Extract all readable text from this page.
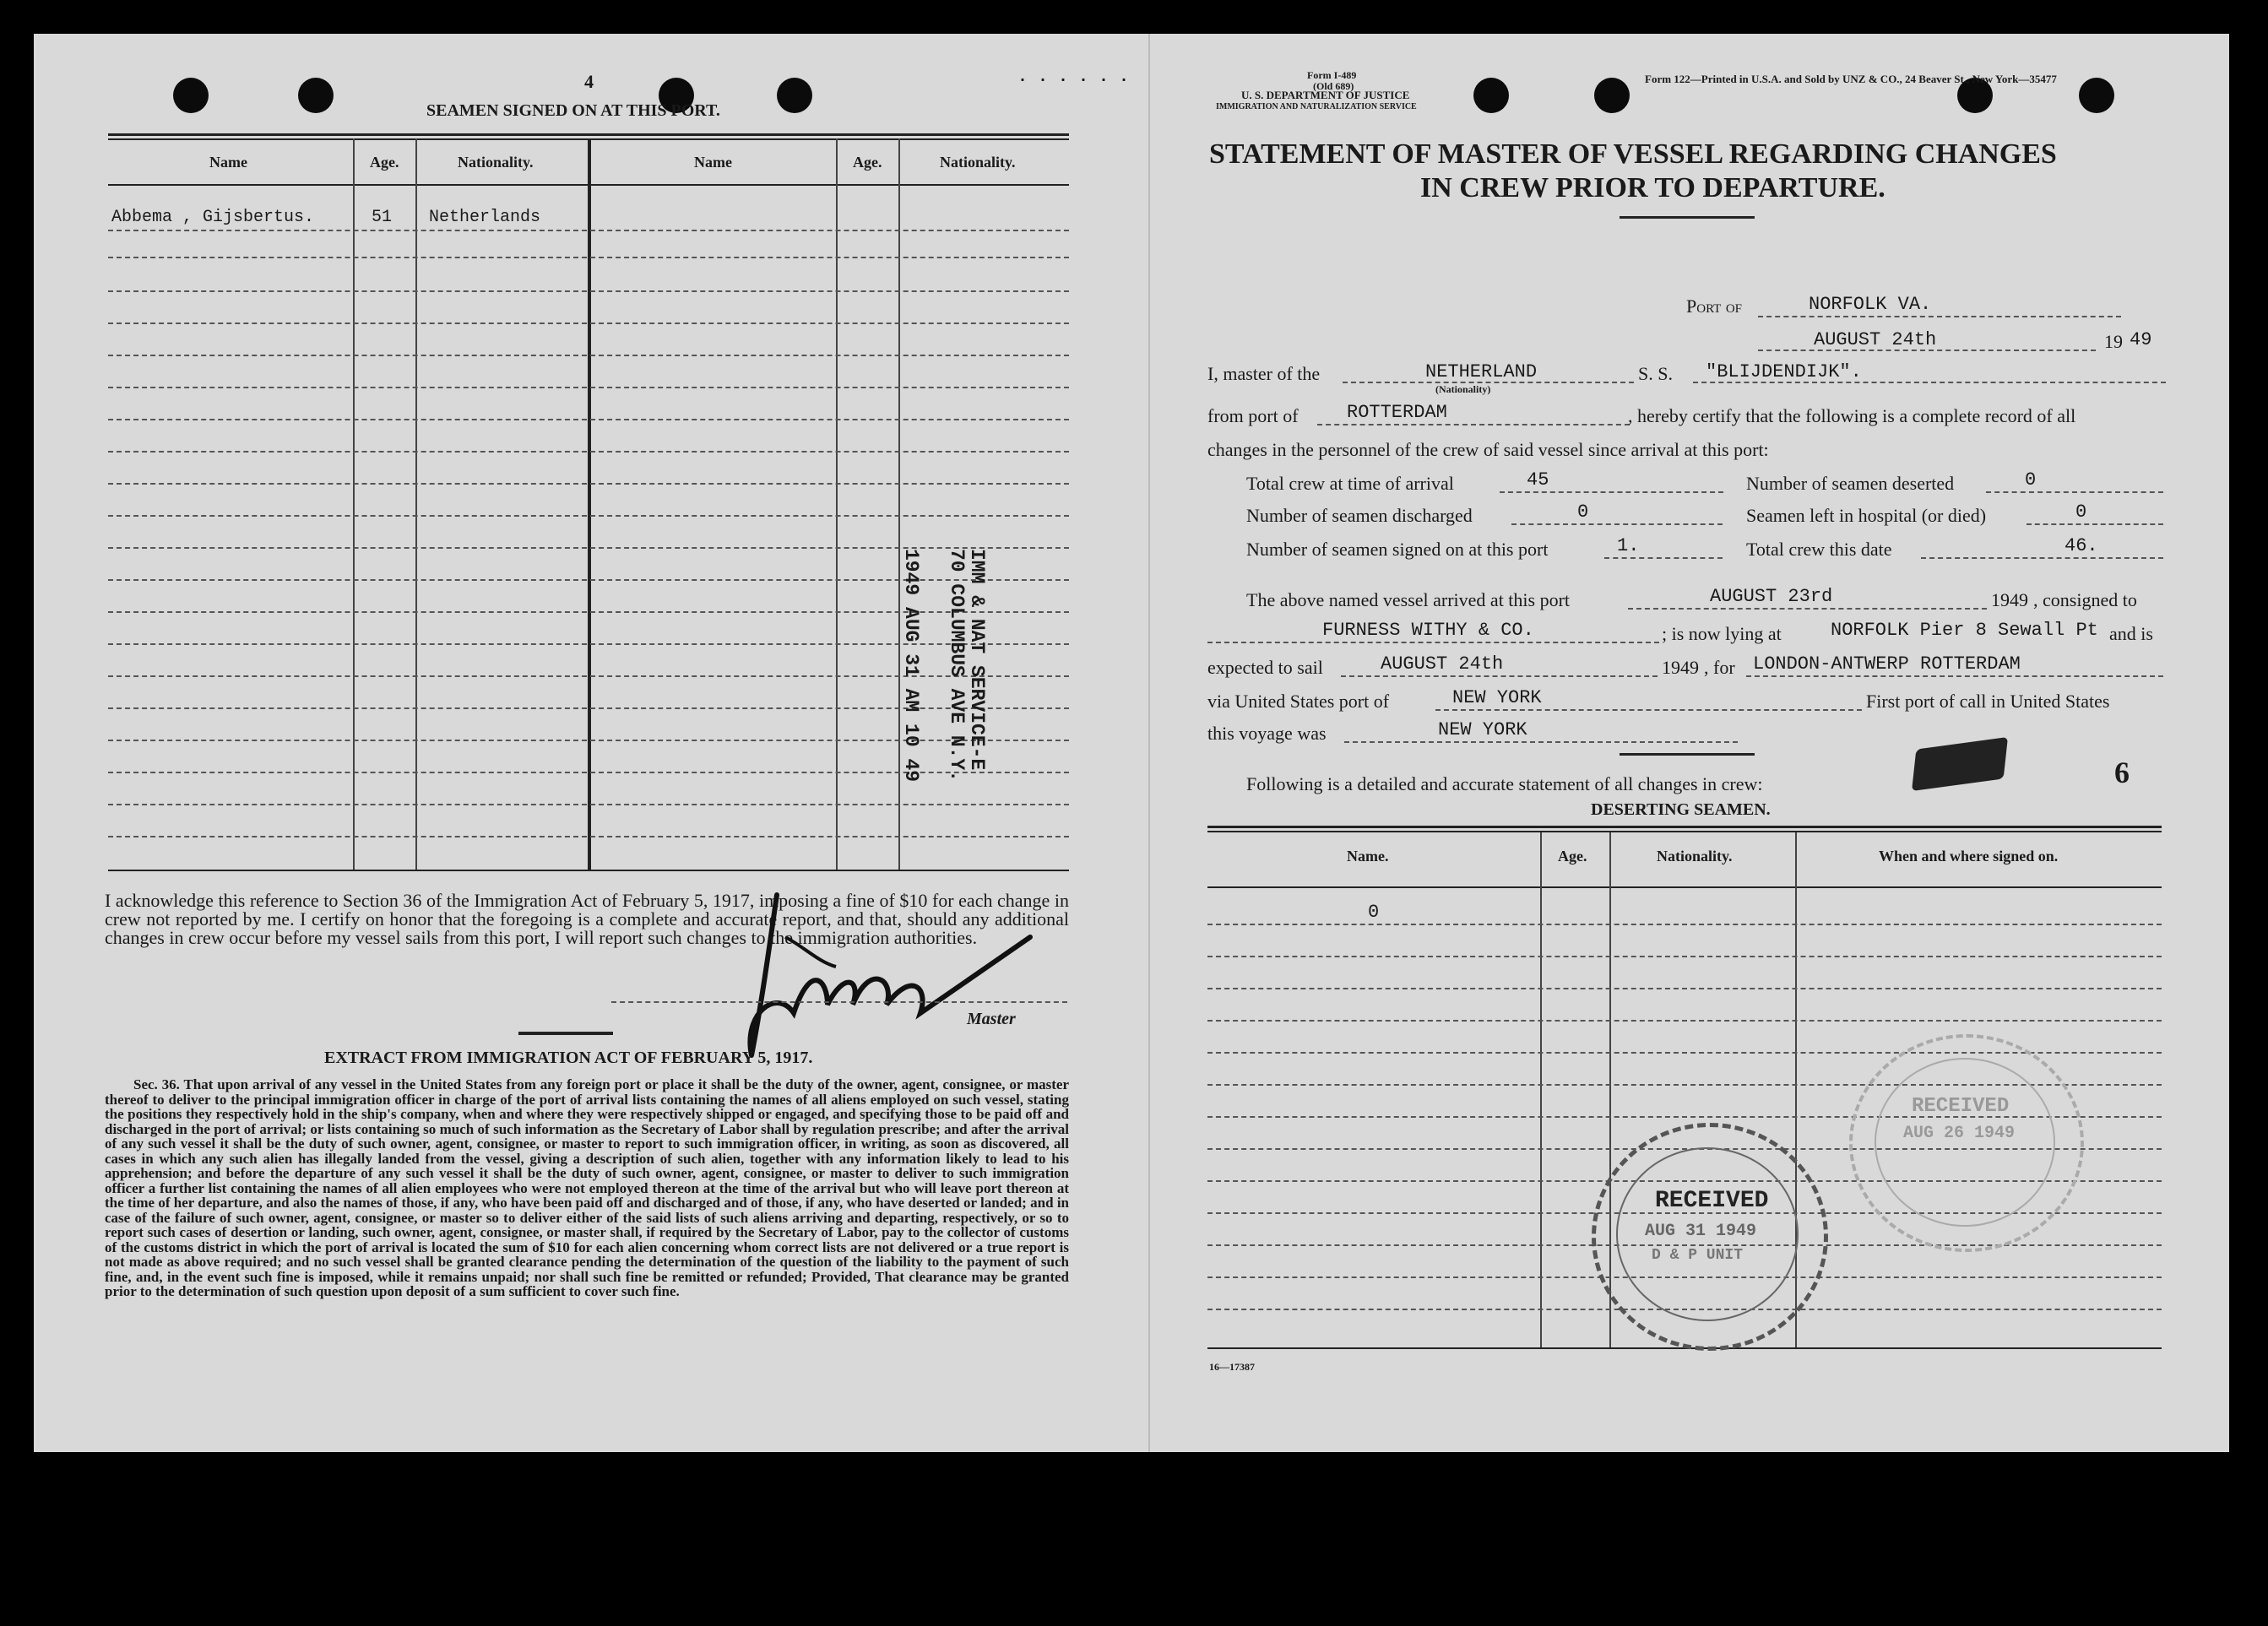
4
SEAMEN SIGNED ON AT THIS PORT.
Name	Age.	Nationality.	Name	Age.	Nationality.
Abbema , Gijsbertus.	51 Netherlands
IMM & NAT SERVICE-E
70 COLUMBUS AVE N.Y.
1949 AUG 31 AM 10 49
I acknowledge this reference to Section 36 of the Immigration Act of February 5, 1917, imposing a fine of $10 for each change in crew not reported by me. I certify on honor that the foregoing is a complete and accurate report, and that, should any additional changes in crew occur before my vessel sails from this port, I will report such changes to the immigration authorities.
Master
EXTRACT FROM IMMIGRATION ACT OF FEBRUARY 5, 1917.
Sec. 36. That upon arrival of any vessel in the United States from any foreign port or place it shall be the duty of the owner, agent, consignee, or master thereof to deliver to the principal immigration officer in charge of the port of arrival lists containing the names of all aliens employed on such vessel, stating the positions they respectively hold in the ship's company, when and where they were respectively shipped or engaged, and specifying those to be paid off and discharged in the port of arrival; or lists containing so much of such information as the Secretary of Labor shall by regulation prescribe; and after the arrival of any such vessel it shall be the duty of such owner, agent, consignee, or master to report to such immigration officer, in writing, as soon as discovered, all cases in which any such alien has illegally landed from the vessel, giving a description of such alien, together with any information likely to lead to his apprehension; and before the departure of any such vessel it shall be the duty of such owner, agent, consignee, or master to deliver to such immigration officer a further list containing the names of all alien employees who were not employed thereon at the time of the arrival but who will leave port thereon at the time of her departure, and also the names of those, if any, who have been paid off and discharged and of those, if any, who have deserted or landed; and in case of the failure of such owner, agent, consignee, or master so to deliver either of the said lists of such aliens arriving and departing, respectively, or so to report such cases of desertion or landing, such owner, agent, consignee, or master shall, if required by the Secretary of Labor, pay to the collector of customs of the customs district in which the port of arrival is located the sum of $10 for each alien concerning whom correct lists are not delivered or a true report is not made as above required; and no such vessel shall be granted clearance pending the determination of the question of the liability to the payment of such fine, and, in the event such fine is imposed, while it remains unpaid; nor shall such fine be remitted or refunded; Provided, That clearance may be granted prior to the determination of such question upon deposit of a sum sufficient to cover such fine.
· · · · · ·	Form I-489
(Old 689)
U. S. DEPARTMENT OF JUSTICE
IMMIGRATION AND NATURALIZATION SERVICE
Form 122—Printed in U.S.A. and Sold by UNZ & CO., 24 Beaver St., New York—35477
STATEMENT OF MASTER OF VESSEL REGARDING CHANGES
IN CREW PRIOR TO DEPARTURE.
Port of	NORFOLK VA.
AUGUST 24th	19 49
I, master of the	NETHERLAND
(Nationality)
S. S. "BLIJDENDIJK".
from port of	ROTTERDAM	, hereby certify that the following is a complete record of all
changes in the personnel of the crew of said vessel since arrival at this port:
Total crew at time of arrival	45	Number of seamen deserted	0
Number of seamen discharged	0	Seamen left in hospital (or died)	0
Number of seamen signed on at this port	1.	Total crew this date	46.
The above named vessel arrived at this port	AUGUST 23rd	1949 , consigned to
FURNESS WITHY & CO.	; is now lying at	NORFOLK Pier 8 Sewall Pt and is
expected to sail	AUGUST 24th	1949 , for LONDON-ANTWERP ROTTERDAM
via United States port of	NEW YORK	First port of call in United States
this voyage was	NEW YORK
Following is a detailed and accurate statement of all changes in crew:	6
DESERTING SEAMEN.
Name.	Age.	Nationality.	When and where signed on.
0
RECEIVED
AUG 31 1949
D & P UNIT
RECEIVED
AUG 26 1949
16—17387
